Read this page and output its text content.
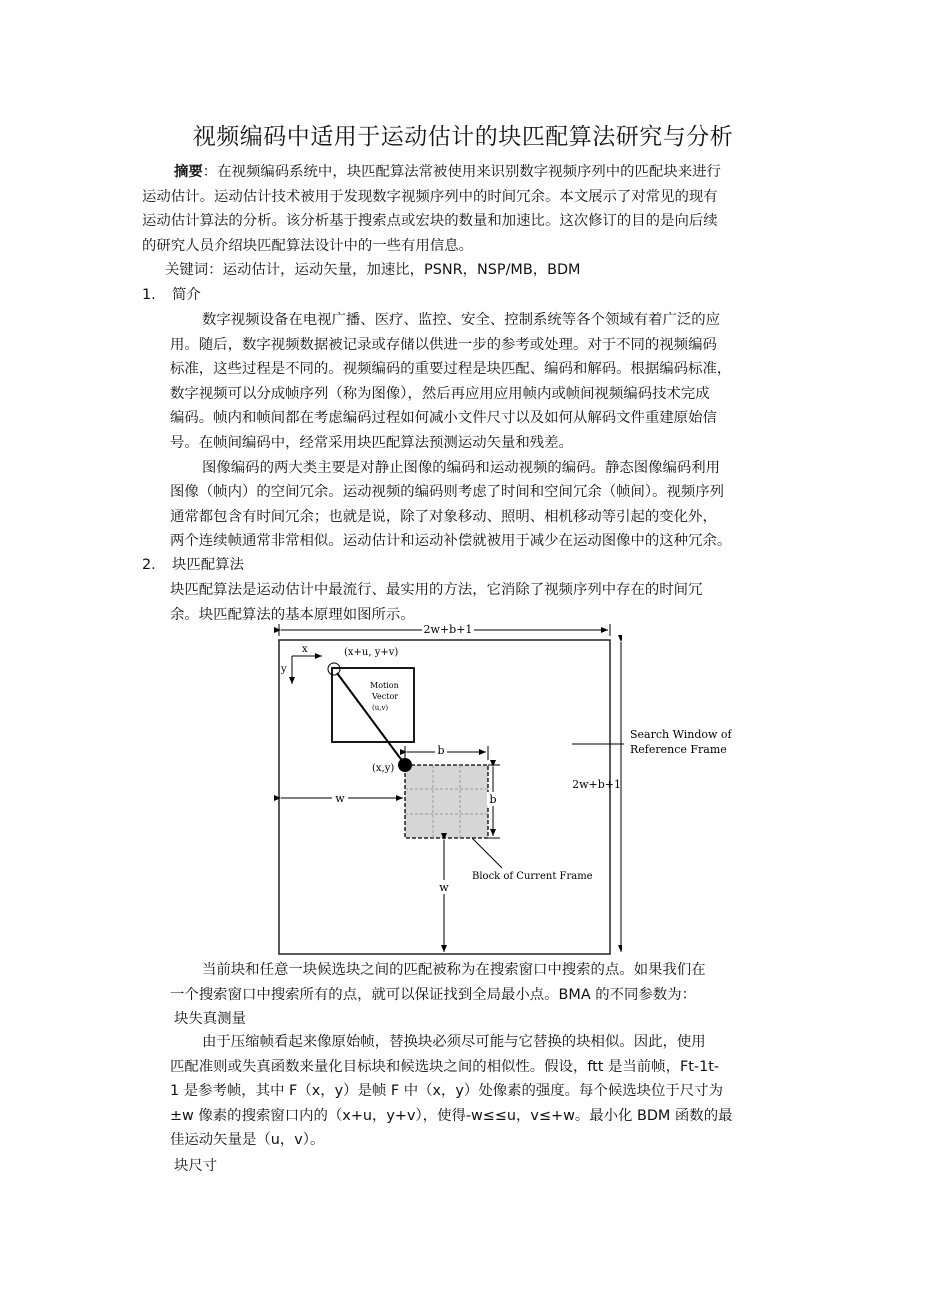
视频编码中适用于运动估计的块匹配算法研究与分析
摘要：在视频编码系统中，块匹配算法常被使用来识别数字视频序列中的匹配块来进行
运动估计。运动估计技术被用于发现数字视频序列中的时间冗余。本文展示了对常见的现有
运动估计算法的分析。该分析基于搜索点或宏块的数量和加速比。这次修订的目的是向后续
的研究人员介绍块匹配算法设计中的一些有用信息。
关键词：运动估计，运动矢量，加速比，PSNR，NSP/MB，BDM
1. 简介
数字视频设备在电视广播、医疗、监控、安全、控制系统等各个领域有着广泛的应
用。随后，数字视频数据被记录或存储以供进一步的参考或处理。对于不同的视频编码
标准，这些过程是不同的。视频编码的重要过程是块匹配、编码和解码。根据编码标准，
数字视频可以分成帧序列（称为图像），然后再应用应用帧内或帧间视频编码技术完成
编码。帧内和帧间都在考虑编码过程如何减小文件尺寸以及如何从解码文件重建原始信
号。在帧间编码中，经常采用块匹配算法预测运动矢量和残差。
图像编码的两大类主要是对静止图像的编码和运动视频的编码。静态图像编码利用
图像（帧内）的空间冗余。运动视频的编码则考虑了时间和空间冗余（帧间）。视频序列
通常都包含有时间冗余；也就是说，除了对象移动、照明、相机移动等引起的变化外，
两个连续帧通常非常相似。运动估计和运动补偿就被用于减少在运动图像中的这种冗余。
2. 块匹配算法
块匹配算法是运动估计中最流行、最实用的方法，它消除了视频序列中存在的时间冗
余。块匹配算法的基本原理如图所示。
2w+b+1
2w+b+1
x
y
(x+u, y+v)
Motion
Vector
(u,v)
(x,y)
b
b
w
w
Block of Current Frame
Search Window of
Reference Frame
当前块和任意一块候选块之间的匹配被称为在搜索窗口中搜索的点。如果我们在
一个搜索窗口中搜索所有的点，就可以保证找到全局最小点。BMA 的不同参数为：
块失真测量
由于压缩帧看起来像原始帧，替换块必须尽可能与它替换的块相似。因此，使用
匹配准则或失真函数来量化目标块和候选块之间的相似性。假设，ftt 是当前帧，Ft-1t-
1 是参考帧，其中 F（x，y）是帧 F 中（x，y）处像素的强度。每个候选块位于尺寸为
±w 像素的搜索窗口内的（x+u，y+v），使得-w≤≤u，v≤+w。最小化 BDM 函数的最
佳运动矢量是（u，v）。
块尺寸
